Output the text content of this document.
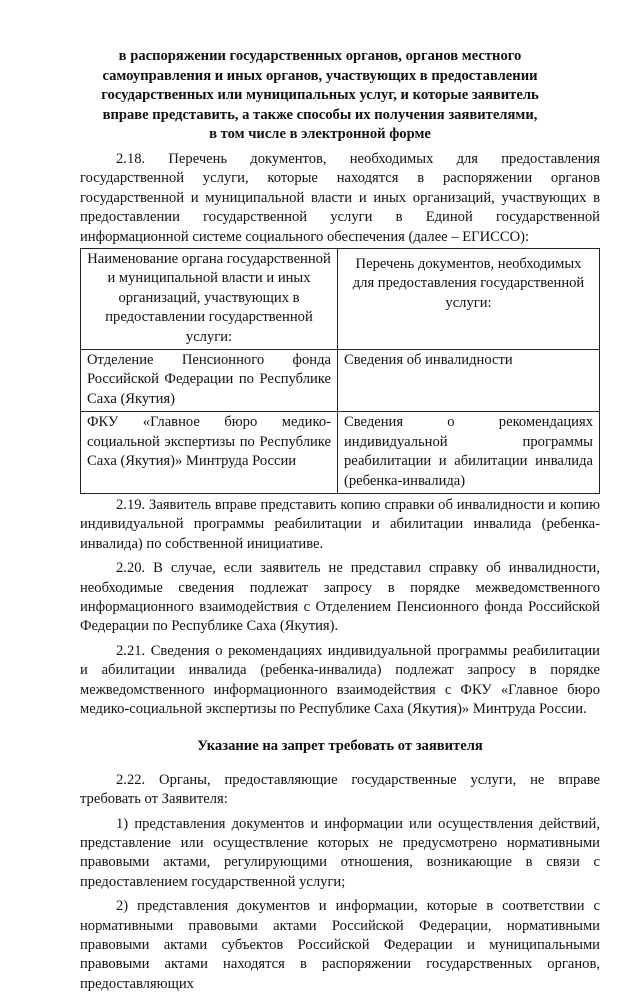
в распоряжении государственных органов, органов местного
самоуправления и иных органов, участвующих в предоставлении
государственных или муниципальных услуг, и которые заявитель
вправе представить, а также способы их получения заявителями,
в том числе в электронной форме

2.18. Перечень документов, необходимых для предоставления государственной услуги, которые находятся в распоряжении органов государственной и муниципальной власти и иных организаций, участвующих в предоставлении государственной услуги в Единой государственной информационной системе социального обеспечения (далее – ЕГИССО):

Наименование органа государственной и муниципальной власти и иных организаций, участвующих в предоставлении государственной услуги:	Перечень документов, необходимых для предоставления государственной услуги:
Отделение Пенсионного фонда Российской Федерации по Республике Саха (Якутия)	Сведения об инвалидности
ФКУ «Главное бюро медико-социальной экспертизы по Республике Саха (Якутия)» Минтруда России	Сведения о рекомендациях индивидуальной программы реабилитации и абилитации инвалида (ребенка-инвалида)

2.19. Заявитель вправе представить копию справки об инвалидности и копию индивидуальной программы реабилитации и абилитации инвалида (ребенка-инвалида) по собственной инициативе.

2.20. В случае, если заявитель не представил справку об инвалидности, необходимые сведения подлежат запросу в порядке межведомственного информационного взаимодействия с Отделением Пенсионного фонда Российской Федерации по Республике Саха (Якутия).

2.21. Сведения о рекомендациях индивидуальной программы реабилитации и абилитации инвалида (ребенка-инвалида) подлежат запросу в порядке межведомственного информационного взаимодействия с ФКУ «Главное бюро медико-социальной экспертизы по Республике Саха (Якутия)» Минтруда России.

Указание на запрет требовать от заявителя

2.22. Органы, предоставляющие государственные услуги, не вправе требовать от Заявителя:

1) представления документов и информации или осуществления действий, представление или осуществление которых не предусмотрено нормативными правовыми актами, регулирующими отношения, возникающие в связи с предоставлением государственной услуги;

2) представления документов и информации, которые в соответствии с нормативными правовыми актами Российской Федерации, нормативными правовыми актами субъектов Российской Федерации и муниципальными правовыми актами находятся в распоряжении государственных органов, предоставляющих
